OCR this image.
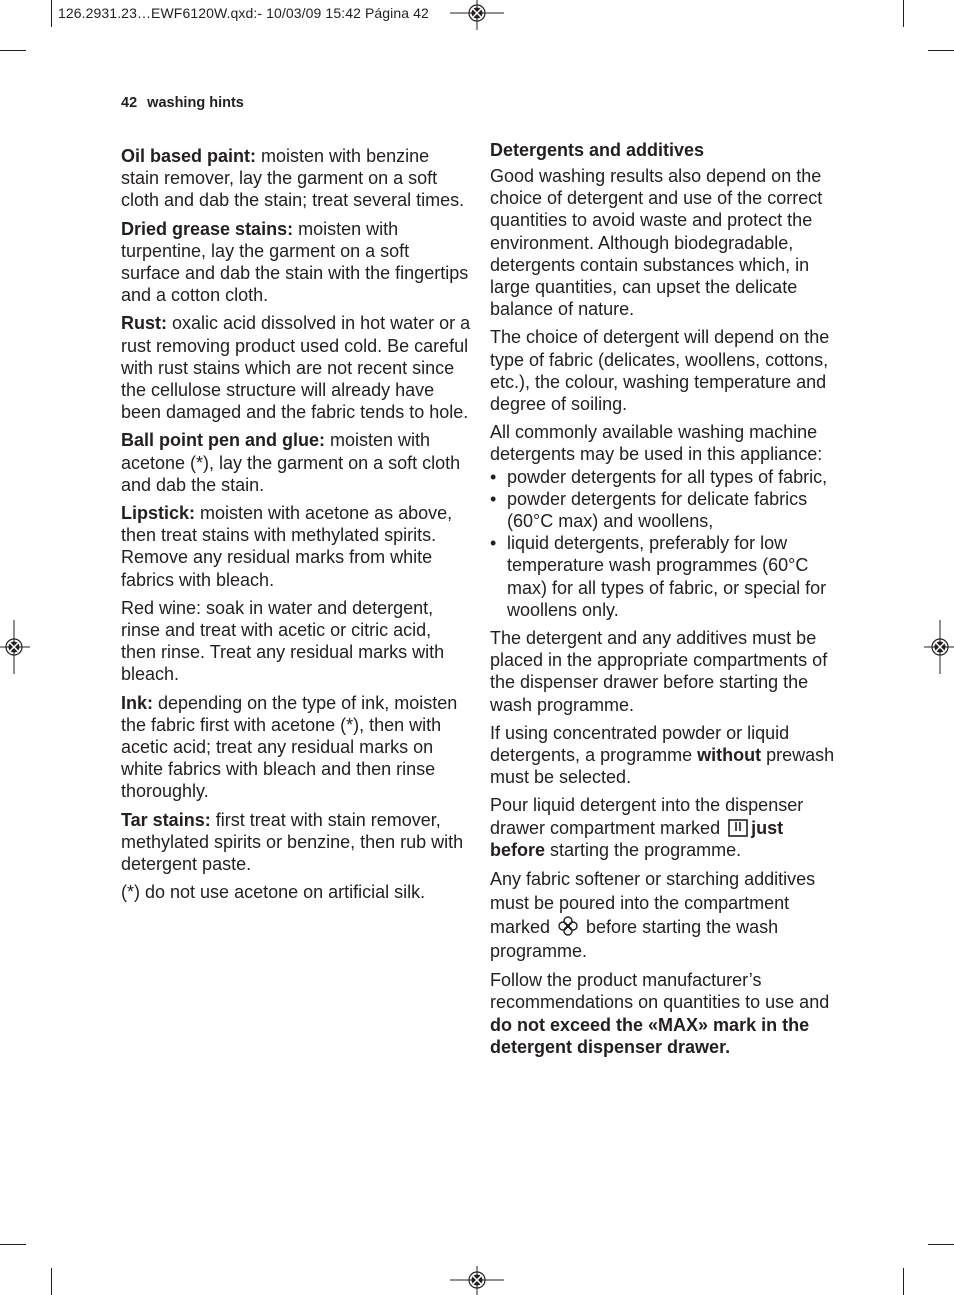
126.2931.23…EWF6120W.qxd:- 10/03/09 15:42 Página 42
42 washing hints

Oil based paint: moisten with benzine stain remover, lay the garment on a soft cloth and dab the stain; treat several times.

Dried grease stains: moisten with turpentine, lay the garment on a soft surface and dab the stain with the fingertips and a cotton cloth.

Rust: oxalic acid dissolved in hot water or a rust removing product used cold. Be careful with rust stains which are not recent since the cellulose structure will already have been damaged and the fabric tends to hole.

Ball point pen and glue: moisten with acetone (*), lay the garment on a soft cloth and dab the stain.

Lipstick: moisten with acetone as above, then treat stains with methylated spirits. Remove any residual marks from white fabrics with bleach.

Red wine: soak in water and detergent, rinse and treat with acetic or citric acid, then rinse. Treat any residual marks with bleach.

Ink: depending on the type of ink, moisten the fabric first with acetone (*), then with acetic acid; treat any residual marks on white fabrics with bleach and then rinse thoroughly.

Tar stains: first treat with stain remover, methylated spirits or benzine, then rub with detergent paste.

(*) do not use acetone on artificial silk.

Detergents and additives

Good washing results also depend on the choice of detergent and use of the correct quantities to avoid waste and protect the environment. Although biodegradable, detergents contain substances which, in large quantities, can upset the delicate balance of nature.

The choice of detergent will depend on the type of fabric (delicates, woollens, cottons, etc.), the colour, washing temperature and degree of soiling.

All commonly available washing machine detergents may be used in this appliance:

• powder detergents for all types of fabric,
• powder detergents for delicate fabrics (60°C max) and woollens,
• liquid detergents, preferably for low temperature wash programmes (60°C max) for all types of fabric, or special for woollens only.

The detergent and any additives must be placed in the appropriate compartments of the dispenser drawer before starting the wash programme.

If using concentrated powder or liquid detergents, a programme without prewash must be selected.

Pour liquid detergent into the dispenser drawer compartment marked just before starting the programme.

Any fabric softener or starching additives must be poured into the compartment marked  before starting the wash programme.

Follow the product manufacturer’s recommendations on quantities to use and do not exceed the «MAX» mark in the detergent dispenser drawer.
